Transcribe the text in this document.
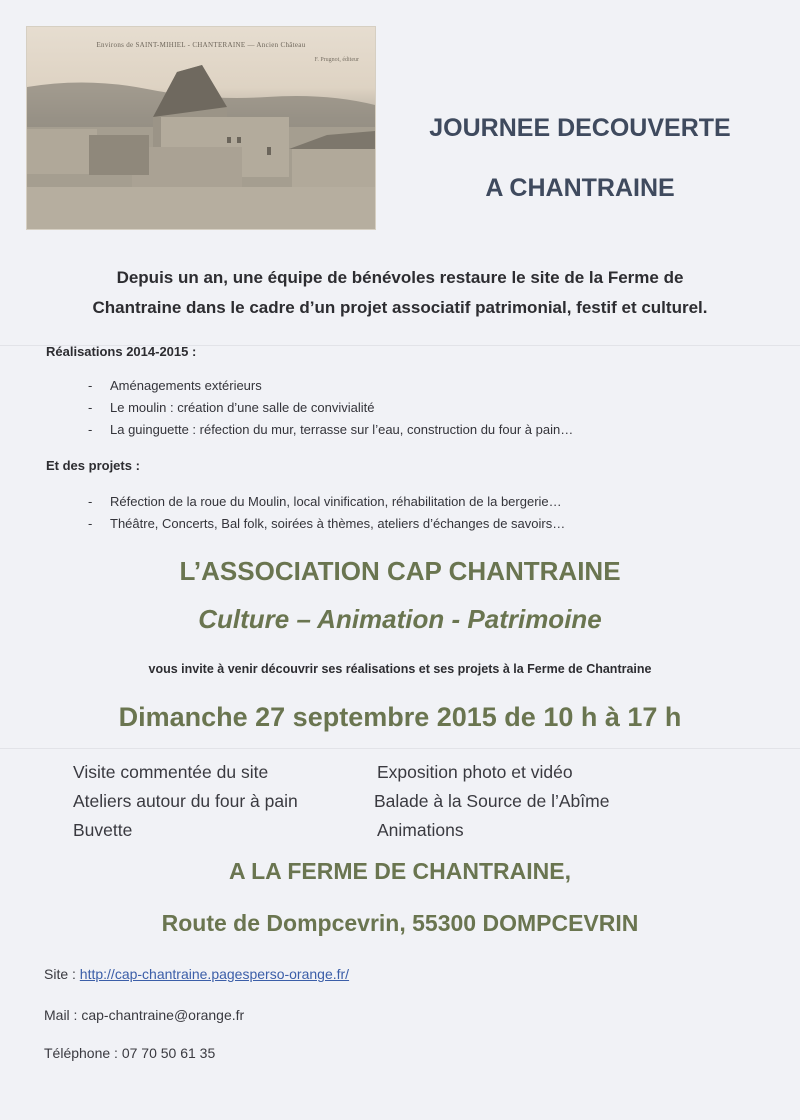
Environs de SAINT-MIHIEL - CHANTERAINE — Ancien Château
F. Prugnot, éditeur
JOURNEE DECOUVERTE
A CHANTRAINE
Depuis un an, une équipe de bénévoles restaure le site de la Ferme de
Chantraine dans le cadre d’un projet associatif patrimonial, festif et culturel.
Réalisations 2014-2015 :
- Aménagements extérieurs
- Le moulin : création d’une salle de convivialité
- La guinguette : réfection du mur, terrasse sur l’eau, construction du four à pain…
Et des projets :
- Réfection de la roue du Moulin, local vinification, réhabilitation de la bergerie…
- Théâtre, Concerts, Bal folk, soirées à thèmes, ateliers d’échanges de savoirs…
L’ASSOCIATION CAP CHANTRAINE
Culture – Animation - Patrimoine
vous invite à venir découvrir ses réalisations et ses projets à la Ferme de Chantraine
Dimanche 27 septembre 2015 de 10 h à 17 h
Visite commentée du site
Ateliers autour du four à pain
Buvette
Exposition photo et vidéo
Balade à la Source de l’Abîme
Animations
A LA FERME DE CHANTRAINE,
Route de Dompcevrin, 55300 DOMPCEVRIN
Site : http://cap-chantraine.pagesperso-orange.fr/
Mail : cap-chantraine@orange.fr
Téléphone : 07 70 50 61 35
